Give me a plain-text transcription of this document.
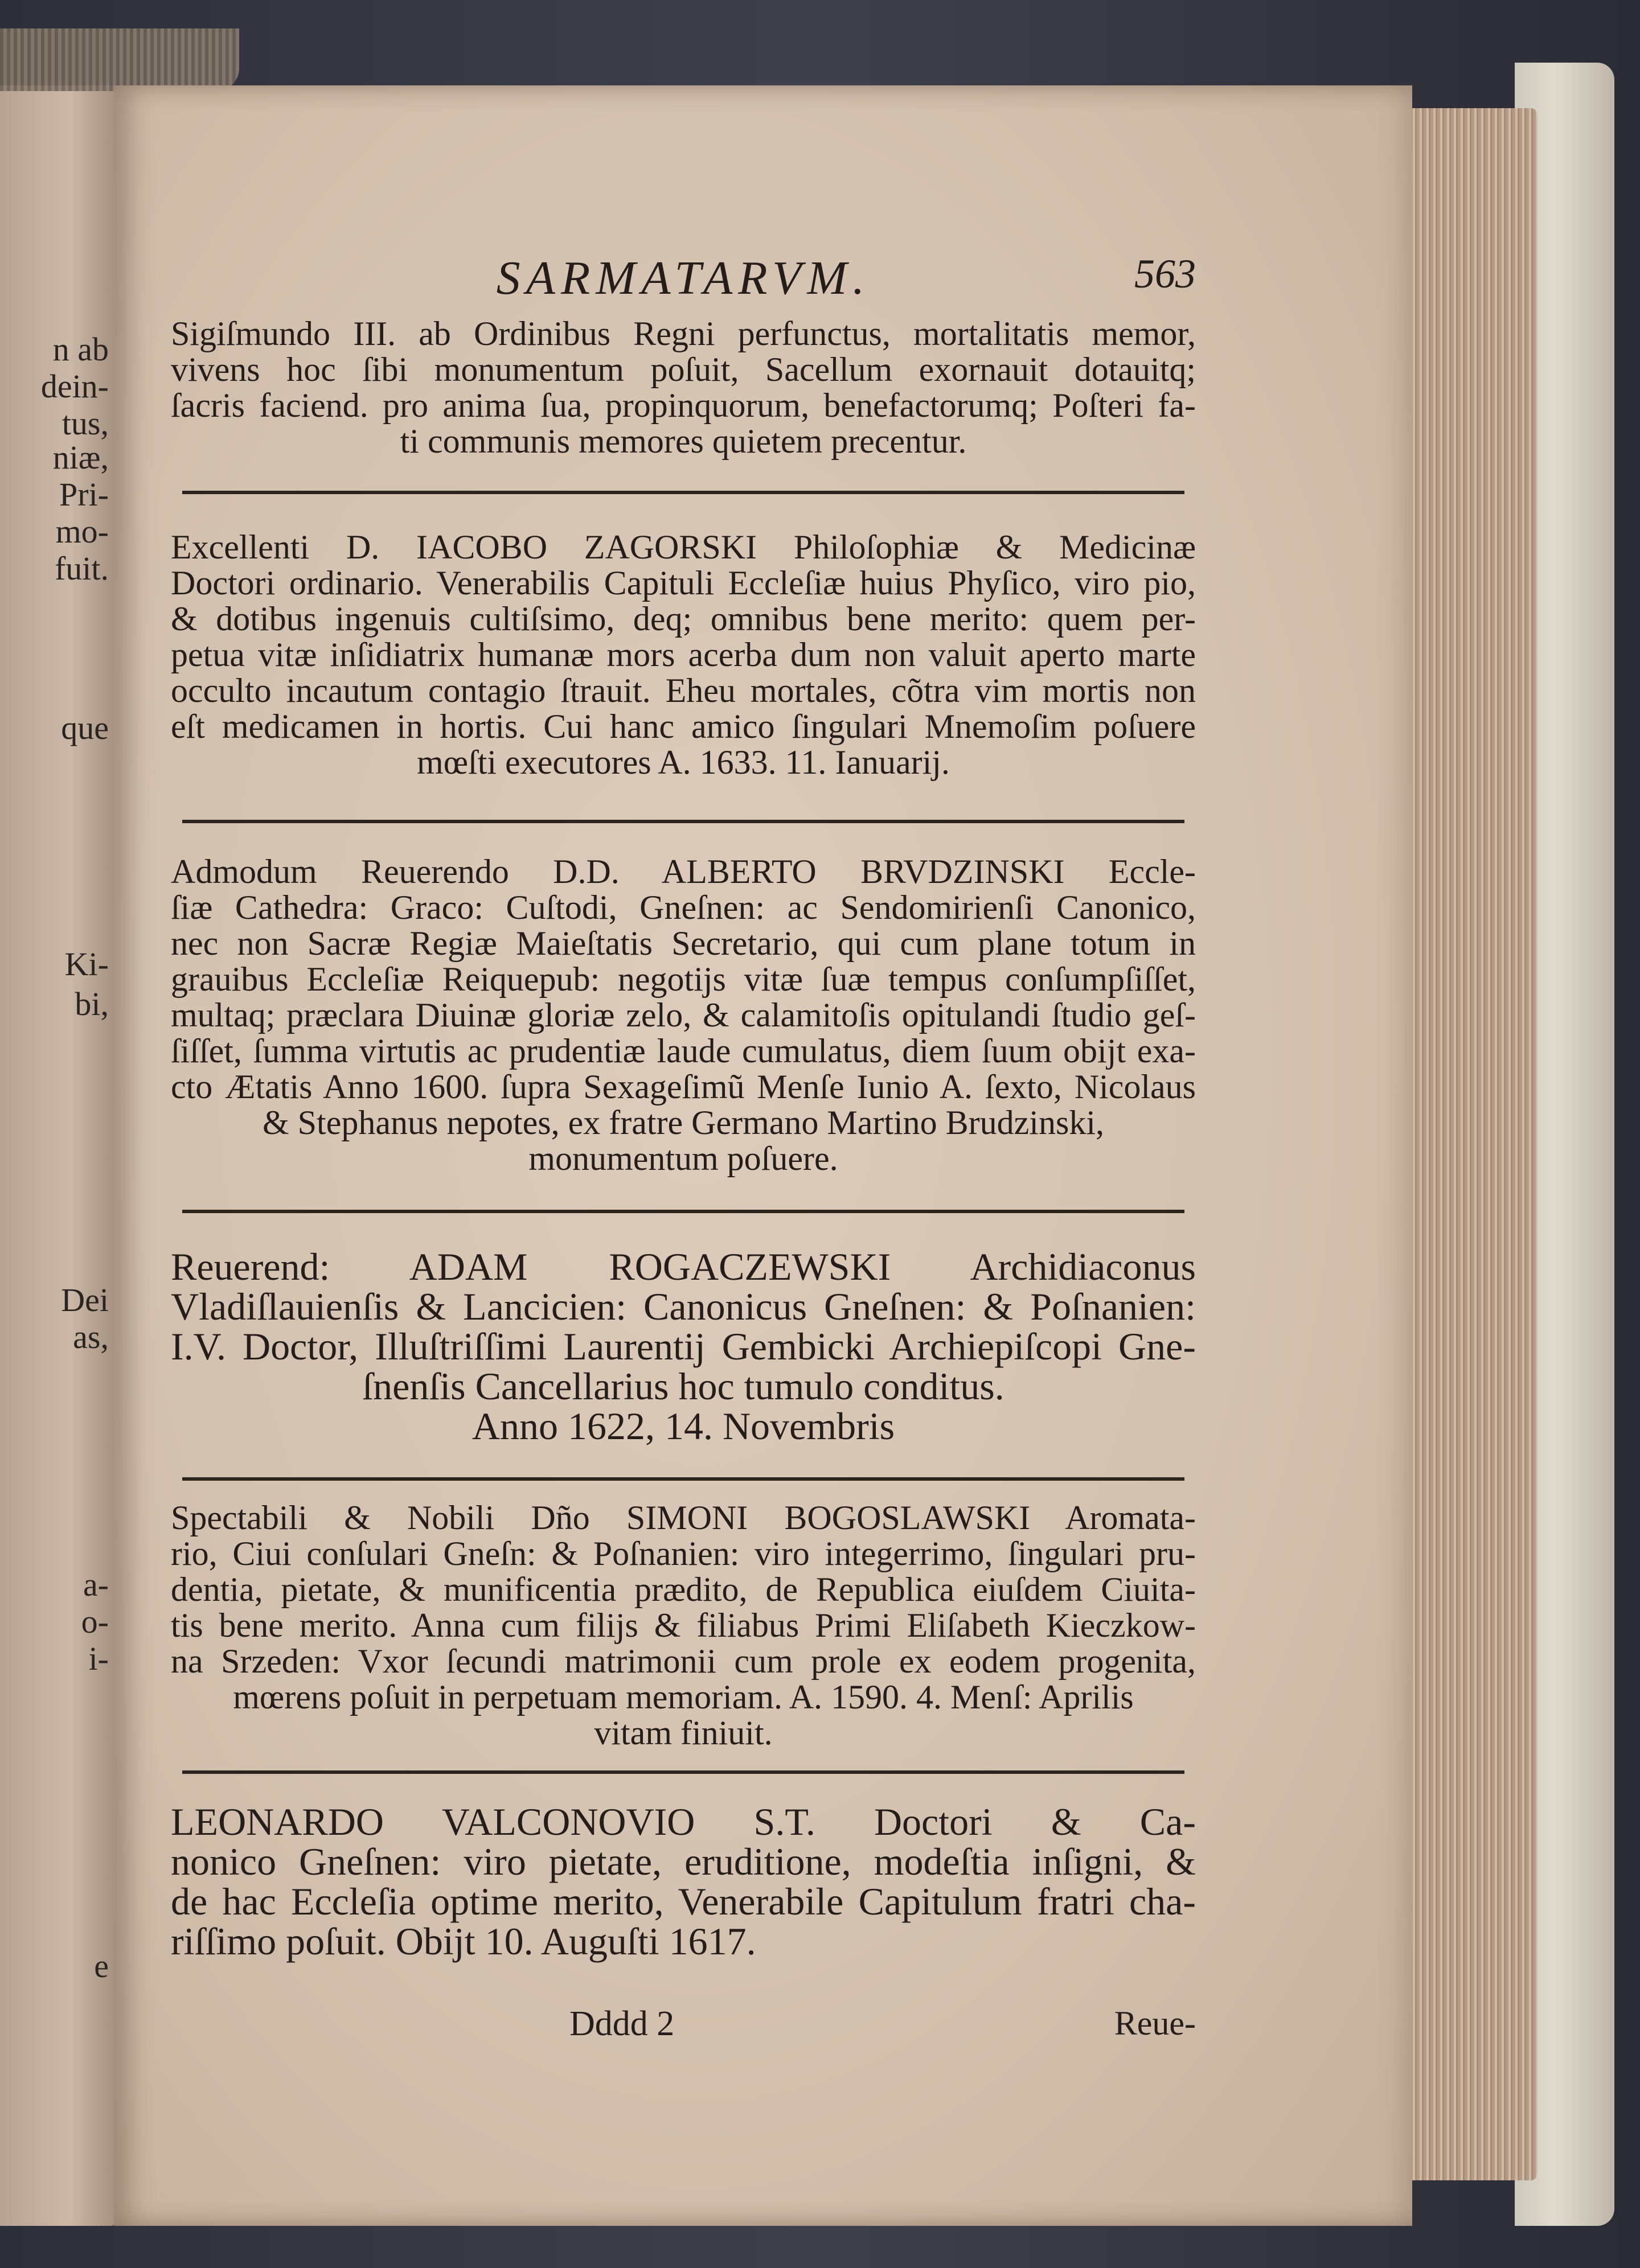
n ab
dein-
tus,
niæ,
Pri-
mo-
fuit.
que
Ki-
bi,
Dei
as,
a-
o-
i-
e
SARMATARVM.	563
Sigiſmundo III. ab Ordinibus Regni perfunctus, mortalitatis memor,
vivens hoc ſibi monumentum poſuit, Sacellum exornauit dotauitq;
ſacris faciend. pro anima ſua, propinquorum, benefactorumq; Poſteri fa-
ti communis memores quietem precentur.
Excellenti D. IACOBO ZAGORSKI Philoſophiæ & Medicinæ
Doctori ordinario. Venerabilis Capituli Eccleſiæ huius Phyſico, viro pio,
& dotibus ingenuis cultiſsimo, deq; omnibus bene merito: quem per-
petua vitæ inſidiatrix humanæ mors acerba dum non valuit aperto marte
occulto incautum contagio ſtrauit. Eheu mortales, cõtra vim mortis non
eſt medicamen in hortis. Cui hanc amico ſingulari Mnemoſim poſuere
mœſti executores A. 1633. 11. Ianuarij.
Admodum Reuerendo D.D. ALBERTO BRVDZINSKI Eccle-
ſiæ Cathedra: Graco: Cuſtodi, Gneſnen: ac Sendomirienſi Canonico,
nec non Sacræ Regiæ Maieſtatis Secretario, qui cum plane totum in
grauibus Eccleſiæ Reiquepub: negotijs vitæ ſuæ tempus conſumpſiſſet,
multaq; præclara Diuinæ gloriæ zelo, & calamitoſis opitulandi ſtudio geſ-
ſiſſet, ſumma virtutis ac prudentiæ laude cumulatus, diem ſuum obijt exa-
cto Ætatis Anno 1600. ſupra Sexageſimũ Menſe Iunio A. ſexto, Nicolaus
& Stephanus nepotes, ex fratre Germano Martino Brudzinski,
monumentum poſuere.
Reuerend: ADAM ROGACZEWSKI Archidiaconus
Vladiſlauienſis & Lancicien: Canonicus Gneſnen: & Poſnanien:
I.V. Doctor, Illuſtriſſimi Laurentij Gembicki Archiepiſcopi Gne-
ſnenſis Cancellarius hoc tumulo conditus.
Anno 1622, 14. Novembris
Spectabili & Nobili Dño SIMONI BOGOSLAWSKI Aromata-
rio, Ciui conſulari Gneſn: & Poſnanien: viro integerrimo, ſingulari pru-
dentia, pietate, & munificentia prædito, de Republica eiuſdem Ciuita-
tis bene merito. Anna cum filijs & filiabus Primi Eliſabeth Kieczkow-
na Srzeden: Vxor ſecundi matrimonii cum prole ex eodem progenita,
mœrens poſuit in perpetuam memoriam. A. 1590. 4. Menſ: Aprilis
vitam finiuit.
LEONARDO VALCONOVIO S.T. Doctori & Ca-
nonico Gneſnen: viro pietate, eruditione, modeſtia inſigni, &
de hac Eccleſia optime merito, Venerabile Capitulum fratri cha-
riſſimo poſuit. Obijt 10. Auguſti 1617.
Dddd 2	Reue-
